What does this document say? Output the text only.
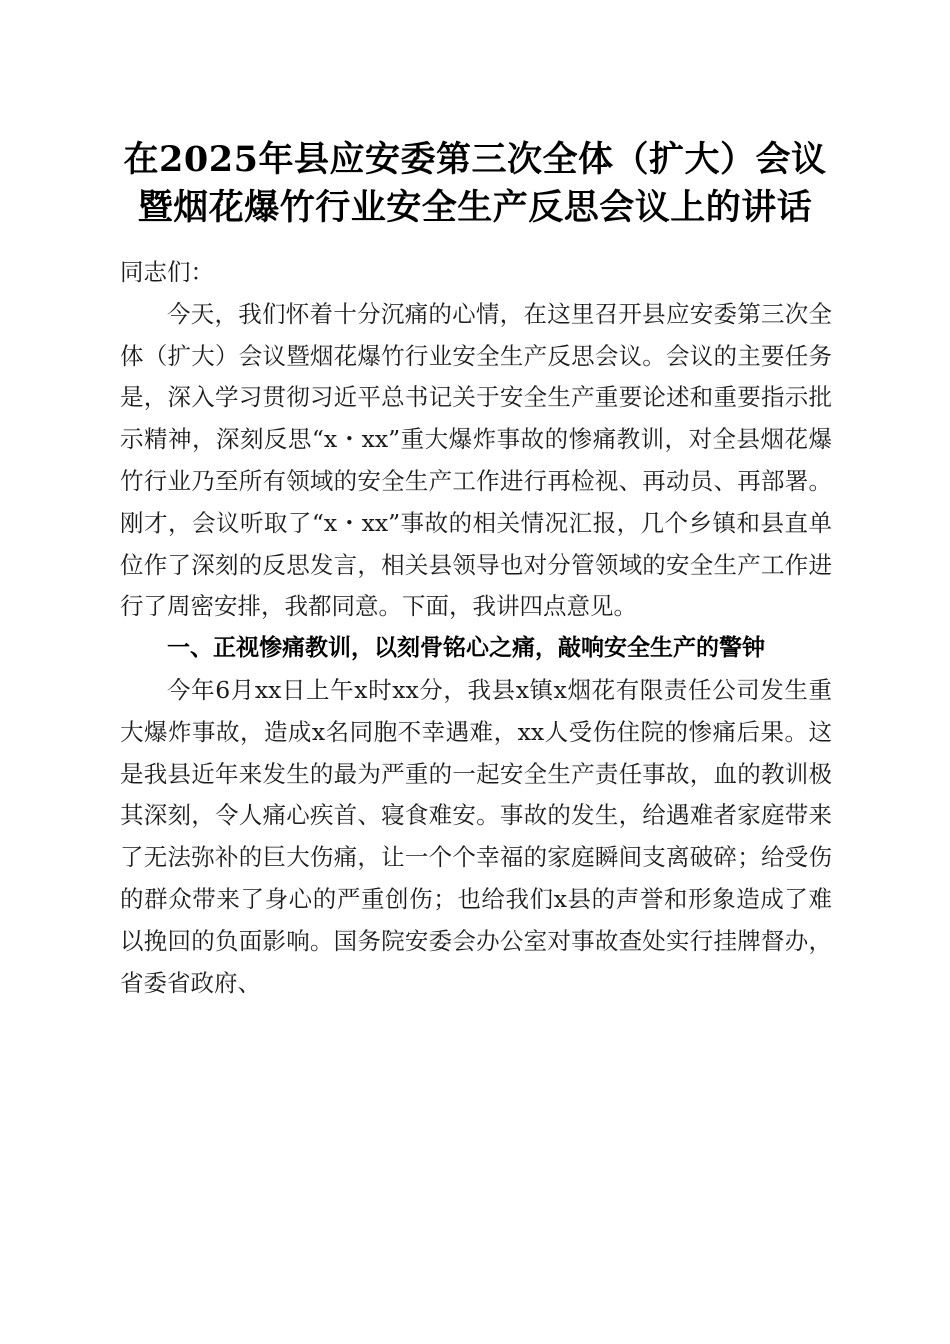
在2025年县应安委第三次全体（扩大）会议
暨烟花爆竹行业安全生产反思会议上的讲话

同志们：

今天，我们怀着十分沉痛的心情，在这里召开县应安委第三次全体（扩大）会议暨烟花爆竹行业安全生产反思会议。会议的主要任务是，深入学习贯彻习近平总书记关于安全生产重要论述和重要指示批示精神，深刻反思“x・xx”重大爆炸事故的惨痛教训，对全县烟花爆竹行业乃至所有领域的安全生产工作进行再检视、再动员、再部署。刚才，会议听取了“x・xx”事故的相关情况汇报，几个乡镇和县直单位作了深刻的反思发言，相关县领导也对分管领域的安全生产工作进行了周密安排，我都同意。下面，我讲四点意见。

一、正视惨痛教训，以刻骨铭心之痛，敲响安全生产的警钟

今年6月xx日上午x时xx分，我县x镇x烟花有限责任公司发生重大爆炸事故，造成x名同胞不幸遇难，xx人受伤住院的惨痛后果。这是我县近年来发生的最为严重的一起安全生产责任事故，血的教训极其深刻，令人痛心疾首、寝食难安。事故的发生，给遇难者家庭带来了无法弥补的巨大伤痛，让一个个幸福的家庭瞬间支离破碎；给受伤的群众带来了身心的严重创伤；也给我们x县的声誉和形象造成了难以挽回的负面影响。国务院安委会办公室对事故查处实行挂牌督办，省委省政府、
